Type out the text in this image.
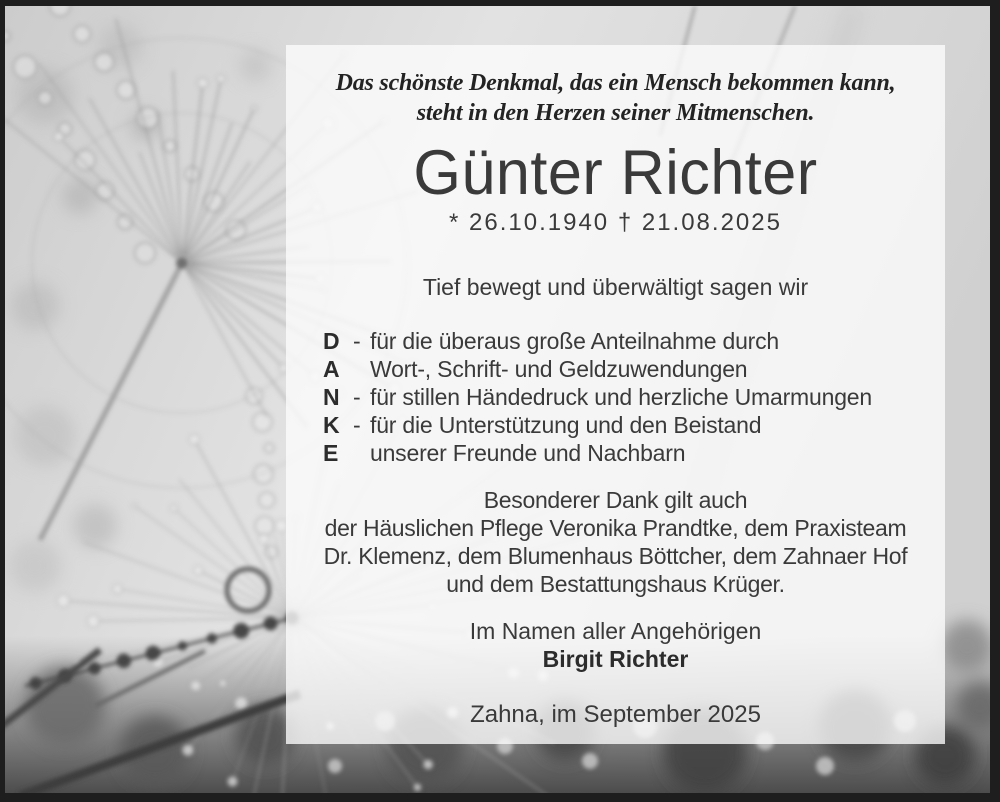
Das schönste Denkmal, das ein Mensch bekommen kann,
steht in den Herzen seiner Mitmenschen.
Günter Richter
* 26.10.1940 † 21.08.2025
Tief bewegt und überwältigt sagen wir
D - für die überaus große Anteilnahme durch
A	Wort-, Schrift- und Geldzuwendungen
N - für stillen Händedruck und herzliche Umarmungen
K - für die Unterstützung und den Beistand
E	unserer Freunde und Nachbarn
Besonderer Dank gilt auch
der Häuslichen Pflege Veronika Prandtke, dem Praxisteam
Dr. Klemenz, dem Blumenhaus Böttcher, dem Zahnaer Hof
und dem Bestattungshaus Krüger.
Im Namen aller Angehörigen
Birgit Richter
Zahna, im September 2025
